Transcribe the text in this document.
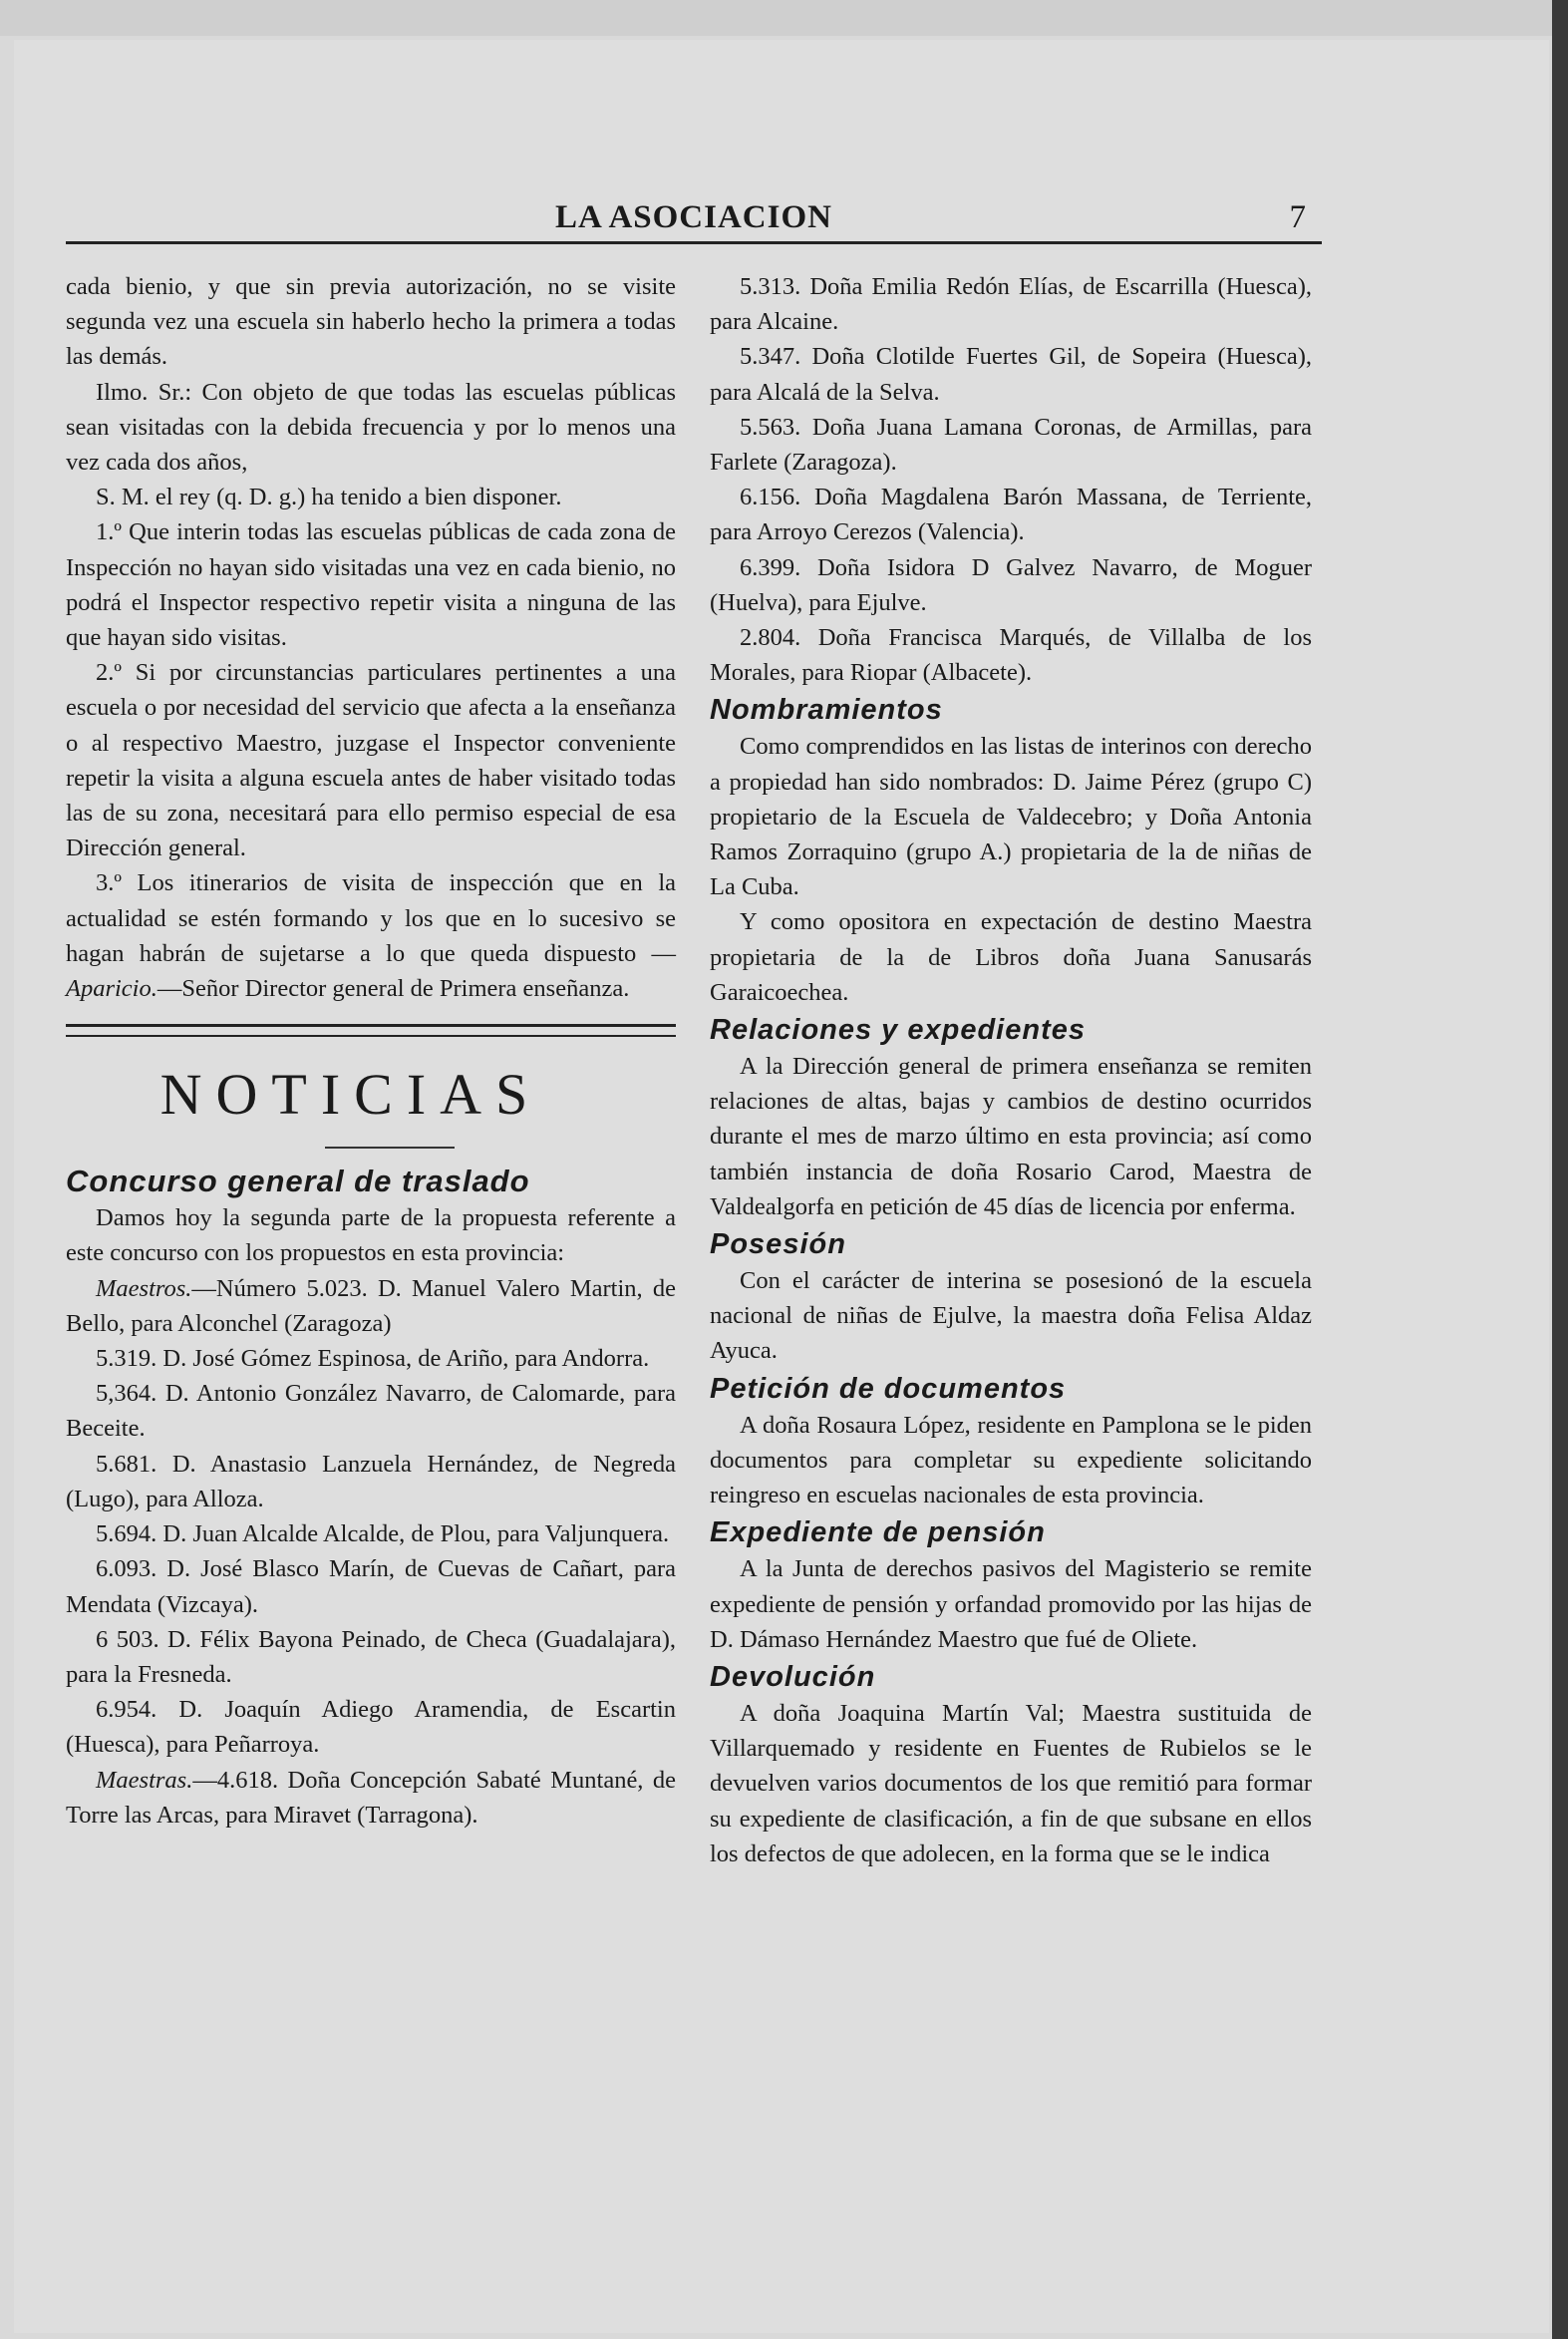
LA ASOCIACION	7

cada bienio, y que sin previa autorización, no se visite segunda vez una escuela sin haberlo hecho la primera a todas las demás.

Ilmo. Sr.: Con objeto de que todas las escuelas públicas sean visitadas con la debida frecuencia y por lo menos una vez cada dos años,

S. M. el rey (q. D. g.) ha tenido a bien disponer.

1.º Que interin todas las escuelas públicas de cada zona de Inspección no hayan sido visitadas una vez en cada bienio, no podrá el Inspector respectivo repetir visita a ninguna de las que hayan sido visitas.

2.º Si por circunstancias particulares pertinentes a una escuela o por necesidad del servicio que afecta a la enseñanza o al respectivo Maestro, juzgase el Inspector conveniente repetir la visita a alguna escuela antes de haber visitado todas las de su zona, necesitará para ello permiso especial de esa Dirección general.

3.º Los itinerarios de visita de inspección que en la actualidad se estén formando y los que en lo sucesivo se hagan habrán de sujetarse a lo que queda dispuesto —Aparicio.—Señor Director general de Primera enseñanza.

NOTICIAS
Concurso general de traslado

Damos hoy la segunda parte de la propuesta referente a este concurso con los propuestos en esta provincia:

Maestros.—Número 5.023. D. Manuel Valero Martin, de Bello, para Alconchel (Zaragoza)

5.319. D. José Gómez Espinosa, de Ariño, para Andorra.

5,364. D. Antonio González Navarro, de Calomarde, para Beceite.

5.681. D. Anastasio Lanzuela Hernández, de Negreda (Lugo), para Alloza.

5.694. D. Juan Alcalde Alcalde, de Plou, para Valjunquera.

6.093. D. José Blasco Marín, de Cuevas de Cañart, para Mendata (Vizcaya).

6 503. D. Félix Bayona Peinado, de Checa (Guadalajara), para la Fresneda.

6.954. D. Joaquín Adiego Aramendia, de Escartin (Huesca), para Peñarroya.

Maestras.—4.618. Doña Concepción Sabaté Muntané, de Torre las Arcas, para Miravet (Tarragona).

5.313. Doña Emilia Redón Elías, de Escarrilla (Huesca), para Alcaine.

5.347. Doña Clotilde Fuertes Gil, de Sopeira (Huesca), para Alcalá de la Selva.

5.563. Doña Juana Lamana Coronas, de Armillas, para Farlete (Zaragoza).

6.156. Doña Magdalena Barón Massana, de Terriente, para Arroyo Cerezos (Valencia).

6.399. Doña Isidora D Galvez Navarro, de Moguer (Huelva), para Ejulve.

2.804. Doña Francisca Marqués, de Villalba de los Morales, para Riopar (Albacete).

Nombramientos

Como comprendidos en las listas de interinos con derecho a propiedad han sido nombrados: D. Jaime Pérez (grupo C) propietario de la Escuela de Valdecebro; y Doña Antonia Ramos Zorraquino (grupo A.) propietaria de la de niñas de La Cuba.

Y como opositora en expectación de destino Maestra propietaria de la de Libros doña Juana Sanusarás Garaicoechea.

Relaciones y expedientes

A la Dirección general de primera enseñanza se remiten relaciones de altas, bajas y cambios de destino ocurridos durante el mes de marzo último en esta provincia; así como también instancia de doña Rosario Carod, Maestra de Valdealgorfa en petición de 45 días de licencia por enferma.

Posesión

Con el carácter de interina se posesionó de la escuela nacional de niñas de Ejulve, la maestra doña Felisa Aldaz Ayuca.

Petición de documentos

A doña Rosaura López, residente en Pamplona se le piden documentos para completar su expediente solicitando reingreso en escuelas nacionales de esta provincia.

Expediente de pensión

A la Junta de derechos pasivos del Magisterio se remite expediente de pensión y orfandad promovido por las hijas de D. Dámaso Hernández Maestro que fué de Oliete.

Devolución

A doña Joaquina Martín Val; Maestra sustituida de Villarquemado y residente en Fuentes de Rubielos se le devuelven varios documentos de los que remitió para formar su expediente de clasificación, a fin de que subsane en ellos los defectos de que adolecen, en la forma que se le indica
